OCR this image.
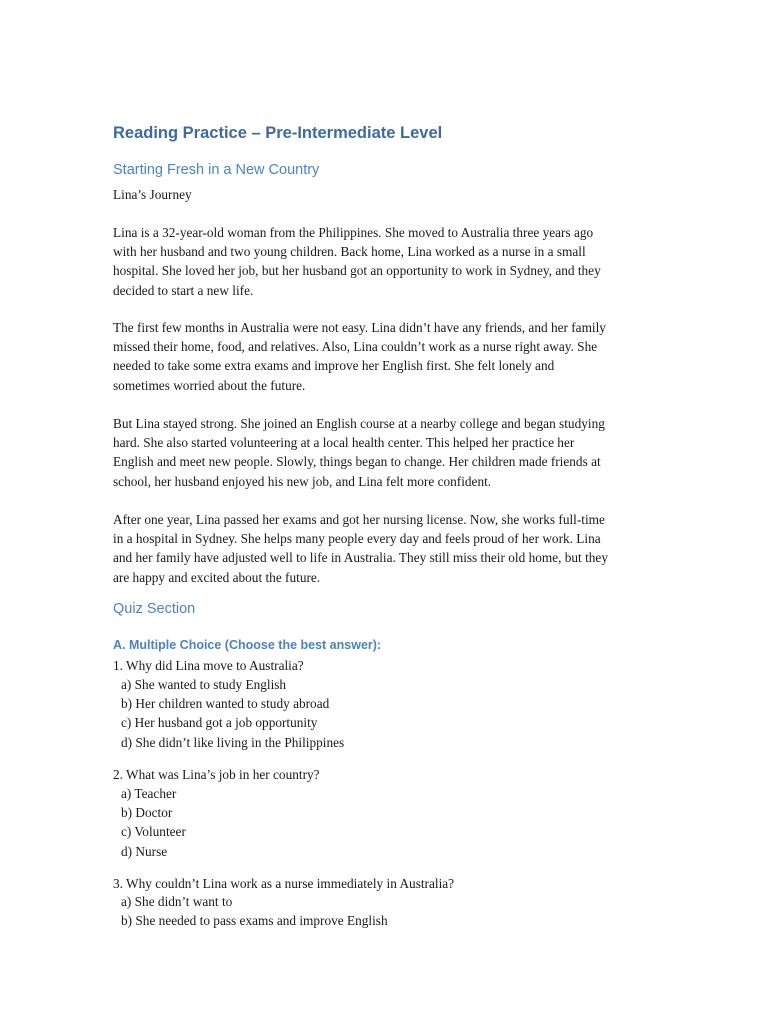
Reading Practice – Pre-Intermediate Level
Starting Fresh in a New Country
Lina’s Journey
Lina is a 32-year-old woman from the Philippines. She moved to Australia three years ago
with her husband and two young children. Back home, Lina worked as a nurse in a small
hospital. She loved her job, but her husband got an opportunity to work in Sydney, and they
decided to start a new life.
The first few months in Australia were not easy. Lina didn’t have any friends, and her family
missed their home, food, and relatives. Also, Lina couldn’t work as a nurse right away. She
needed to take some extra exams and improve her English first. She felt lonely and
sometimes worried about the future.
But Lina stayed strong. She joined an English course at a nearby college and began studying
hard. She also started volunteering at a local health center. This helped her practice her
English and meet new people. Slowly, things began to change. Her children made friends at
school, her husband enjoyed his new job, and Lina felt more confident.
After one year, Lina passed her exams and got her nursing license. Now, she works full-time
in a hospital in Sydney. She helps many people every day and feels proud of her work. Lina
and her family have adjusted well to life in Australia. They still miss their old home, but they
are happy and excited about the future.
Quiz Section
A. Multiple Choice (Choose the best answer):
1. Why did Lina move to Australia?
a) She wanted to study English
b) Her children wanted to study abroad
c) Her husband got a job opportunity
d) She didn’t like living in the Philippines
2. What was Lina’s job in her country?
a) Teacher
b) Doctor
c) Volunteer
d) Nurse
3. Why couldn’t Lina work as a nurse immediately in Australia?
a) She didn’t want to
b) She needed to pass exams and improve English
